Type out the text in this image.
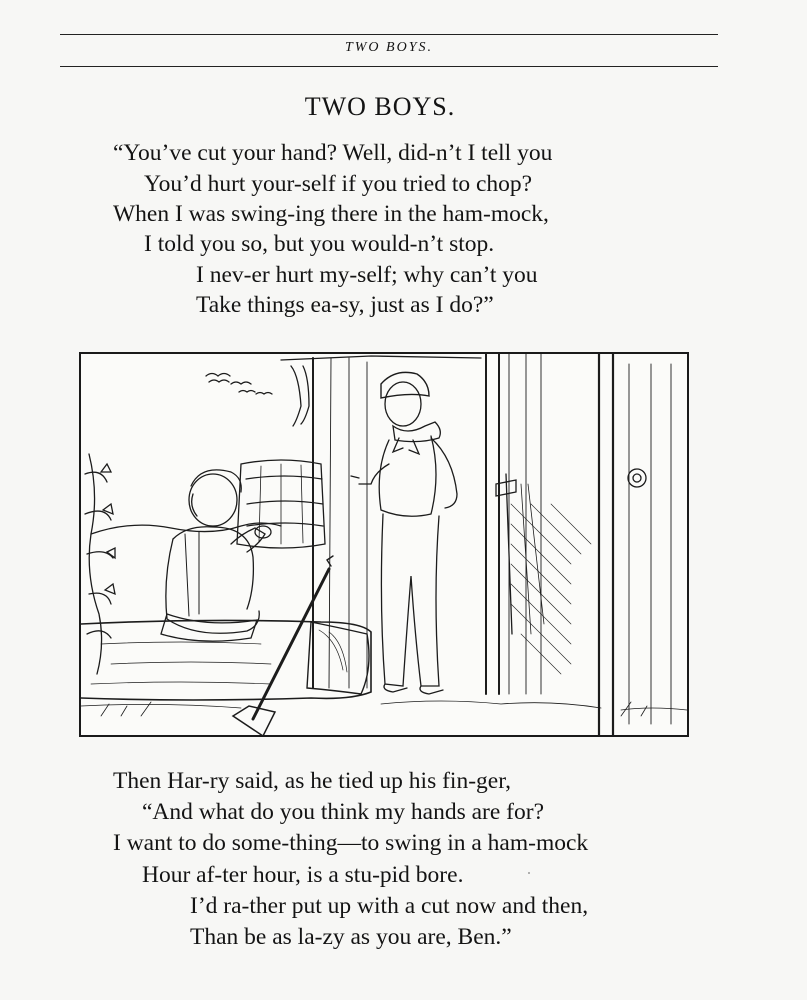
TWO BOYS.
TWO BOYS.
“You’ve cut your hand? Well, did-n’t I tell you
You’d hurt your-self if you tried to chop?
When I was swing-ing there in the ham-mock,
I told you so, but you would-n’t stop.
I nev-er hurt my-self; why can’t you
Take things ea-sy, just as I do?”
Then Har-ry said, as he tied up his fin-ger,
“And what do you think my hands are for?
I want to do some-thing—to swing in a ham-mock
Hour af-ter hour, is a stu-pid bore.
I’d ra-ther put up with a cut now and then,
Than be as la-zy as you are, Ben.”
